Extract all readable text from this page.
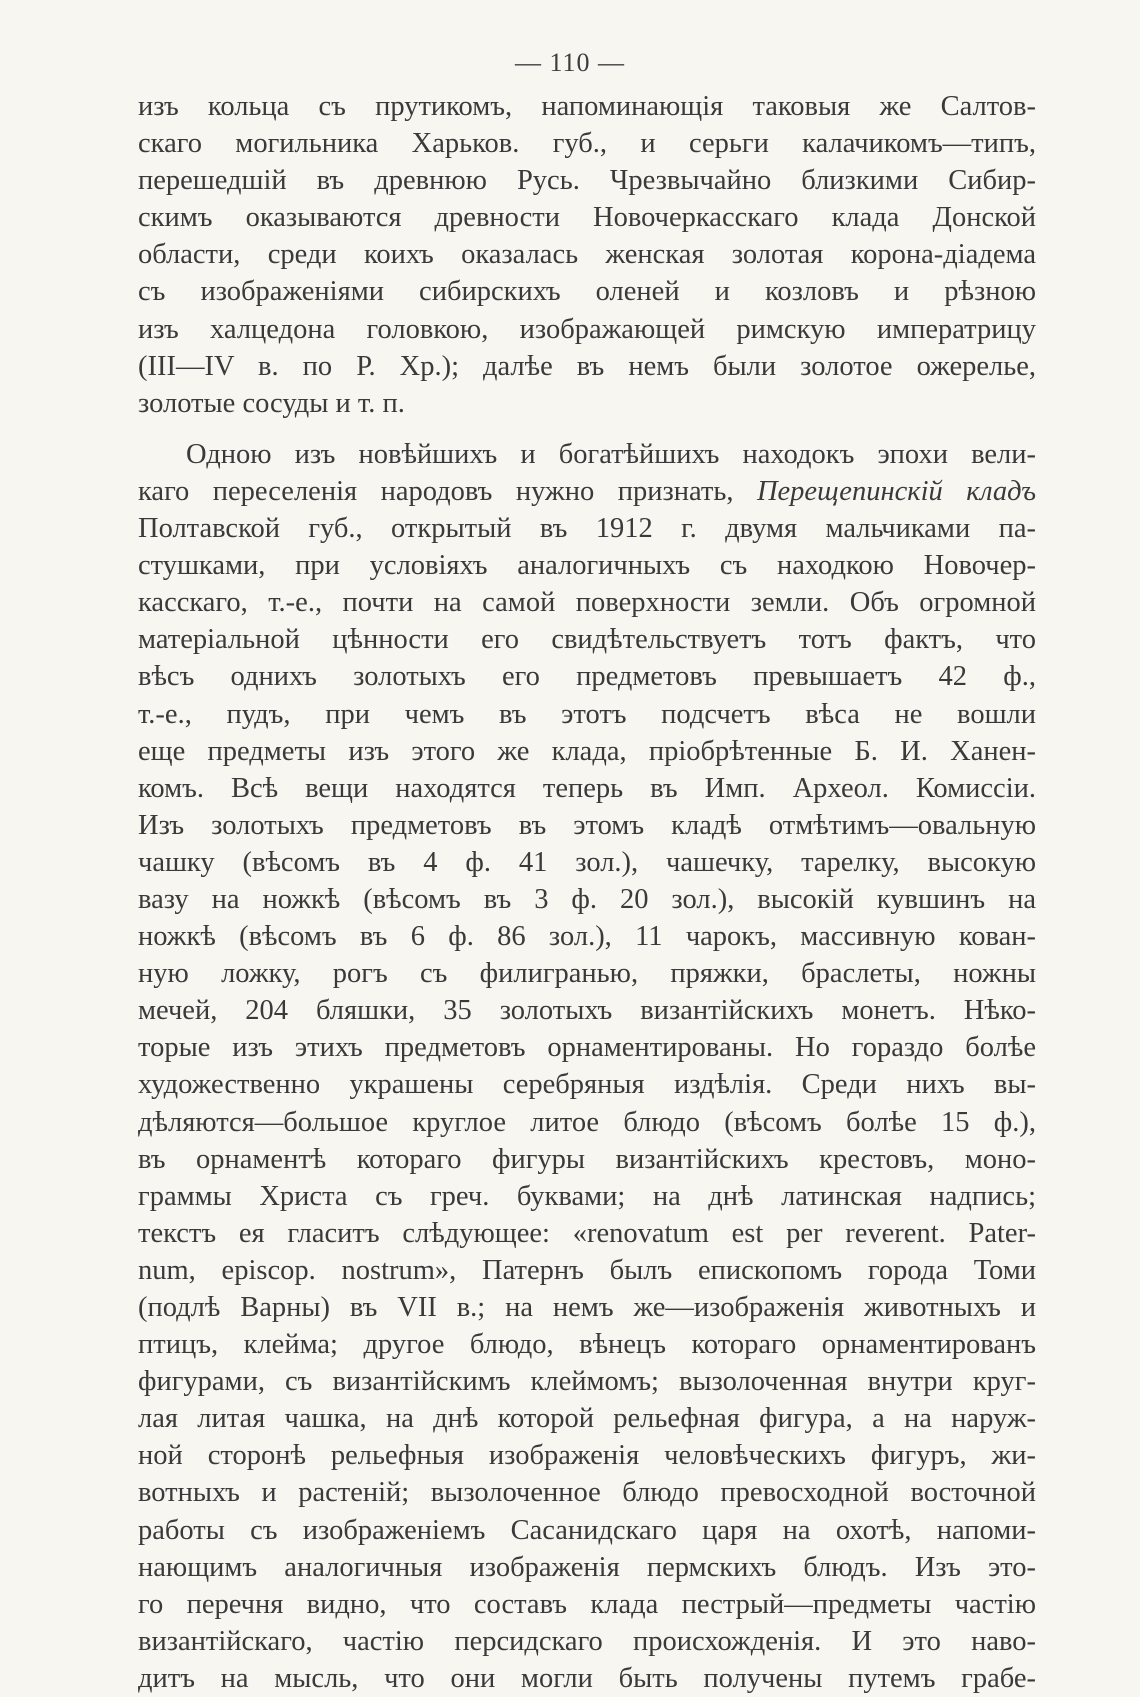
— 110 —
изъ кольца съ прутикомъ, напоминающія таковыя же Салтов-
скаго могильника Харьков. губ., и серьги калачикомъ—типъ,
перешедшій въ древнюю Русь. Чрезвычайно близкими Сибир-
скимъ оказываются древности Новочеркасскаго клада Донской
области, среди коихъ оказалась женская золотая корона-діадема
съ изображеніями сибирскихъ оленей и козловъ и рѣзною
изъ халцедона головкою, изображающей римскую императрицу
(III—IV в. по Р. Хр.); далѣе въ немъ были золотое ожерелье,
золотые сосуды и т. п.
Одною изъ новѣйшихъ и богатѣйшихъ находокъ эпохи вели-
каго переселенія народовъ нужно признать, Перещепинскій кладъ
Полтавской губ., открытый въ 1912 г. двумя мальчиками па-
стушками, при условіяхъ аналогичныхъ съ находкою Новочер-
касскаго, т.-е., почти на самой поверхности земли. Объ огромной
матеріальной цѣнности его свидѣтельствуетъ тотъ фактъ, что
вѣсъ однихъ золотыхъ его предметовъ превышаетъ 42 ф.,
т.-е., пудъ, при чемъ въ этотъ подсчетъ вѣса не вошли
еще предметы изъ этого же клада, пріобрѣтенные Б. И. Ханен-
комъ. Всѣ вещи находятся теперь въ Имп. Археол. Комиссіи.
Изъ золотыхъ предметовъ въ этомъ кладѣ отмѣтимъ—овальную
чашку (вѣсомъ въ 4 ф. 41 зол.), чашечку, тарелку, высокую
вазу на ножкѣ (вѣсомъ въ 3 ф. 20 зол.), высокій кувшинъ на
ножкѣ (вѣсомъ въ 6 ф. 86 зол.), 11 чарокъ, массивную кован-
ную ложку, рогъ съ филигранью, пряжки, браслеты, ножны
мечей, 204 бляшки, 35 золотыхъ византійскихъ монетъ. Нѣко-
торые изъ этихъ предметовъ орнаментированы. Но гораздо болѣе
художественно украшены серебряныя издѣлія. Среди нихъ вы-
дѣляются—большое круглое литое блюдо (вѣсомъ болѣе 15 ф.),
въ орнаментѣ котораго фигуры византійскихъ крестовъ, моно-
граммы Христа съ греч. буквами; на днѣ латинская надпись;
текстъ ея гласитъ слѣдующее: «renovatum est per reverent. Pater-
num, episcop. nostrum», Патернъ былъ епископомъ города Томи
(подлѣ Варны) въ VII в.; на немъ же—изображенія животныхъ и
птицъ, клейма; другое блюдо, вѣнецъ котораго орнаментированъ
фигурами, съ византійскимъ клеймомъ; вызолоченная внутри круг-
лая литая чашка, на днѣ которой рельефная фигура, а на наруж-
ной сторонѣ рельефныя изображенія человѣческихъ фигуръ, жи-
вотныхъ и растеній; вызолоченное блюдо превосходной восточной
работы съ изображеніемъ Сасанидскаго царя на охотѣ, напоми-
нающимъ аналогичныя изображенія пермскихъ блюдъ. Изъ это-
го перечня видно, что составъ клада пестрый—предметы частію
византійскаго, частію персидскаго происхожденія. И это наво-
дитъ на мысль, что они могли быть получены путемъ грабе-
